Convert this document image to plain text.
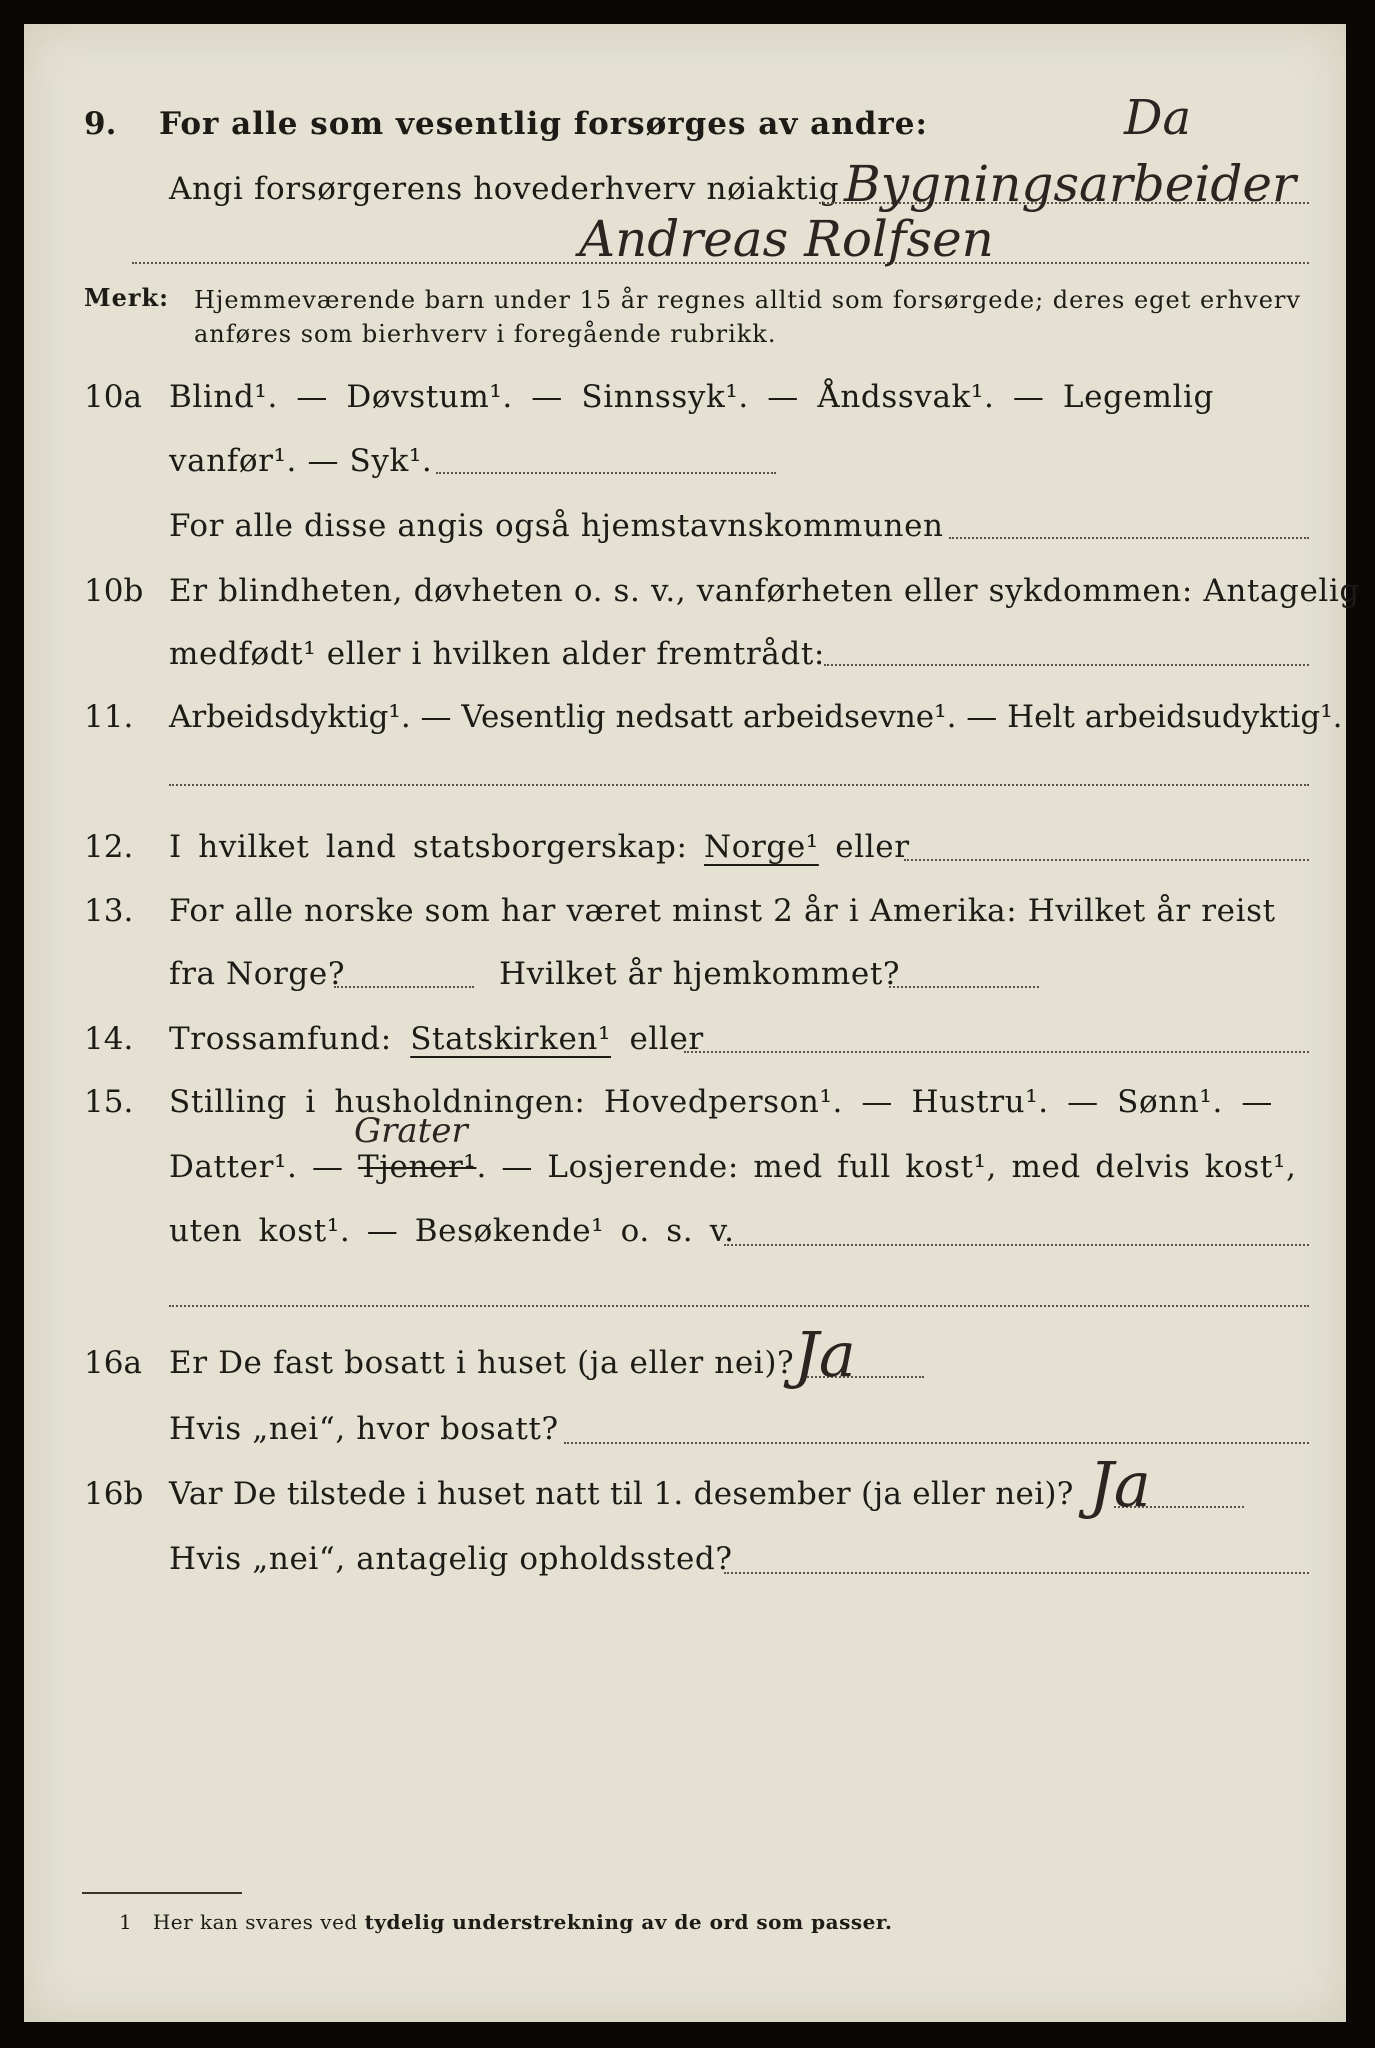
9. For alle som vesentlig forsørges av andre:	Da
Angi forsørgerens hovederhverv nøiaktig Bygningsarbeider
Andreas Rolfsen
Merk: Hjemmeværende barn under 15 år regnes alltid som forsørgede; deres eget erhverv
anføres som bierhverv i foregående rubrikk.
10a Blind¹. — Døvstum¹. — Sinnssyk¹. — Åndssvak¹. — Legemlig
vanfør¹. — Syk¹.
For alle disse angis også hjemstavnskommunen
10b Er blindheten, døvheten o. s. v., vanførheten eller sykdommen: Antagelig
medfødt¹ eller i hvilken alder fremtrådt:
11. Arbeidsdyktig¹. — Vesentlig nedsatt arbeidsevne¹. — Helt arbeidsudyktig¹.
12. I hvilket land statsborgerskap: Norge¹ eller
13. For alle norske som har været minst 2 år i Amerika: Hvilket år reist
fra Norge?	Hvilket år hjemkommet?
14. Trossamfund: Statskirken¹ eller
15. Stilling i husholdningen: Hovedperson¹. — Hustru¹. — Sønn¹. —
Grater
Datter¹. — Tjener¹. — Losjerende: med full kost¹, med delvis kost¹,
uten kost¹. — Besøkende¹ o. s. v.
16a Er De fast bosatt i huset (ja eller nei)? Ja
Hvis „nei“, hvor bosatt?
16b Var De tilstede i huset natt til 1. desember (ja eller nei)? Ja
Hvis „nei“, antagelig opholdssted?
1 Her kan svares ved tydelig understrekning av de ord som passer.
